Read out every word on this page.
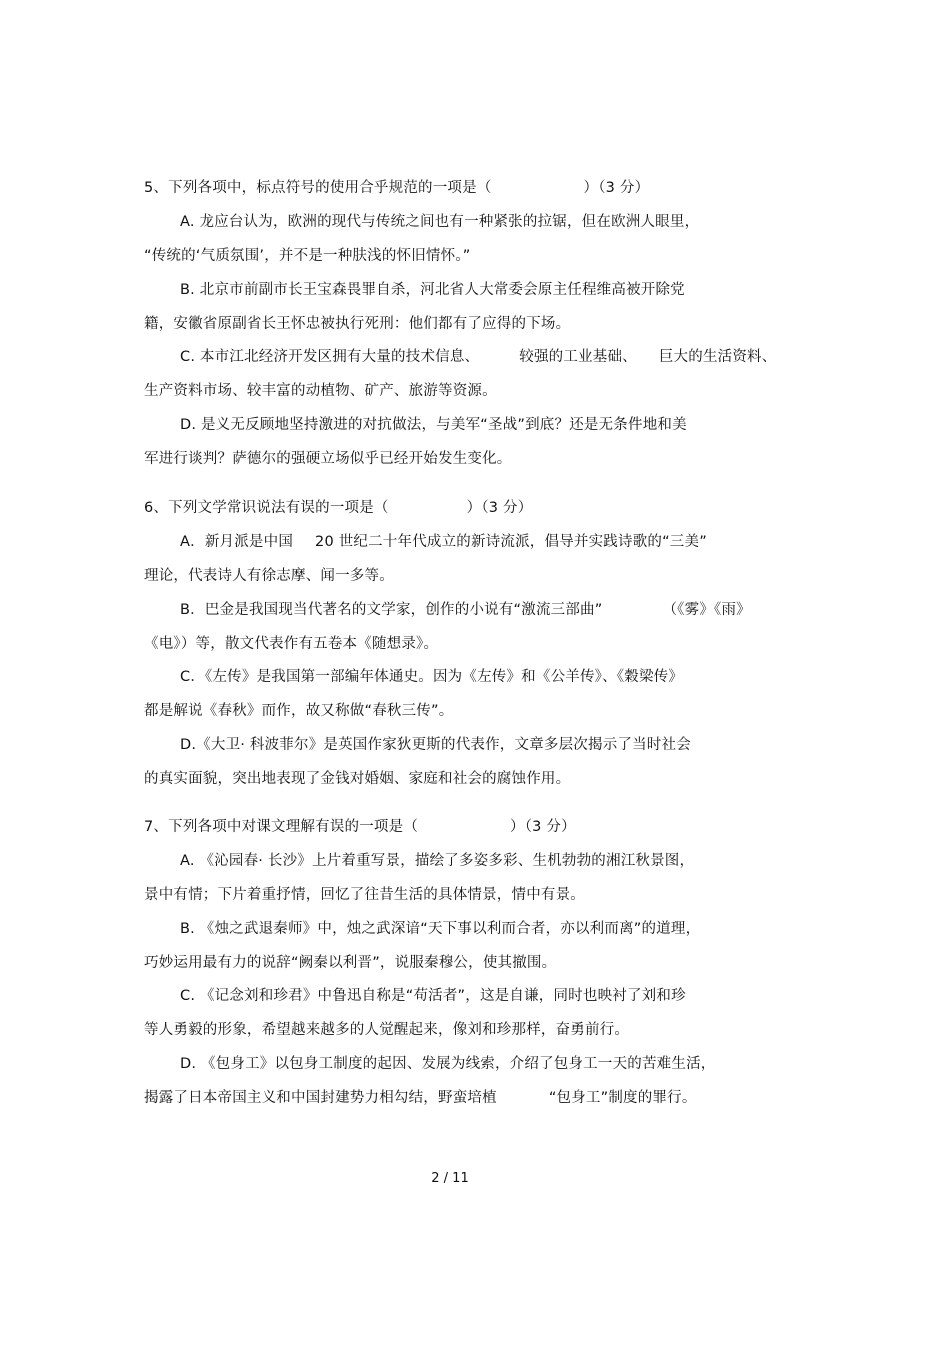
5、下列各项中，标点符号的使用合乎规范的一项是（	）（3 分）
A. 龙应台认为，欧洲的现代与传统之间也有一种紧张的拉锯，但在欧洲人眼里，
“传统的‘气质氛围’，并不是一种肤浅的怀旧情怀。”
B. 北京市前副市长王宝森畏罪自杀，河北省人大常委会原主任程维高被开除党
籍，安徽省原副省长王怀忠被执行死刑：他们都有了应得的下场。
C. 本市江北经济开发区拥有大量的技术信息、	较强的工业基础、 巨大的生活资料、
生产资料市场、较丰富的动植物、矿产、旅游等资源。
D. 是义无反顾地坚持激进的对抗做法，与美军“圣战”到底？还是无条件地和美
军进行谈判？萨德尔的强硬立场似乎已经开始发生变化。
6、下列文学常识说法有误的一项是（	）（3 分）
A．新月派是中国 20 世纪二十年代成立的新诗流派，倡导并实践诗歌的“三美”
理论，代表诗人有徐志摩、闻一多等。
B．巴金是我国现当代著名的文学家，创作的小说有“激流三部曲”	（《雾》《雨》
《电》）等，散文代表作有五卷本《随想录》。
C．《左传》是我国第一部编年体通史。因为《左传》和《公羊传》、《穀梁传》
都是解说《春秋》而作，故又称做“春秋三传”。
D.《大卫· 科波菲尔》是英国作家狄更斯的代表作，文章多层次揭示了当时社会
的真实面貌，突出地表现了金钱对婚姻、家庭和社会的腐蚀作用。
7、下列各项中对课文理解有误的一项是（	）（3 分）
A. 《沁园春· 长沙》上片着重写景，描绘了多姿多彩、生机勃勃的湘江秋景图，
景中有情；下片着重抒情，回忆了往昔生活的具体情景，情中有景。
B. 《烛之武退秦师》中，烛之武深谙“天下事以利而合者，亦以利而离”的道理，
巧妙运用最有力的说辞“阙秦以利晋”，说服秦穆公，使其撤围。
C. 《记念刘和珍君》中鲁迅自称是“苟活者”，这是自谦，同时也映衬了刘和珍
等人勇毅的形象，希望越来越多的人觉醒起来，像刘和珍那样，奋勇前行。
D. 《包身工》以包身工制度的起因、发展为线索，介绍了包身工一天的苦难生活，
揭露了日本帝国主义和中国封建势力相勾结，野蛮培植	“包身工”制度的罪行。
2 / 11
